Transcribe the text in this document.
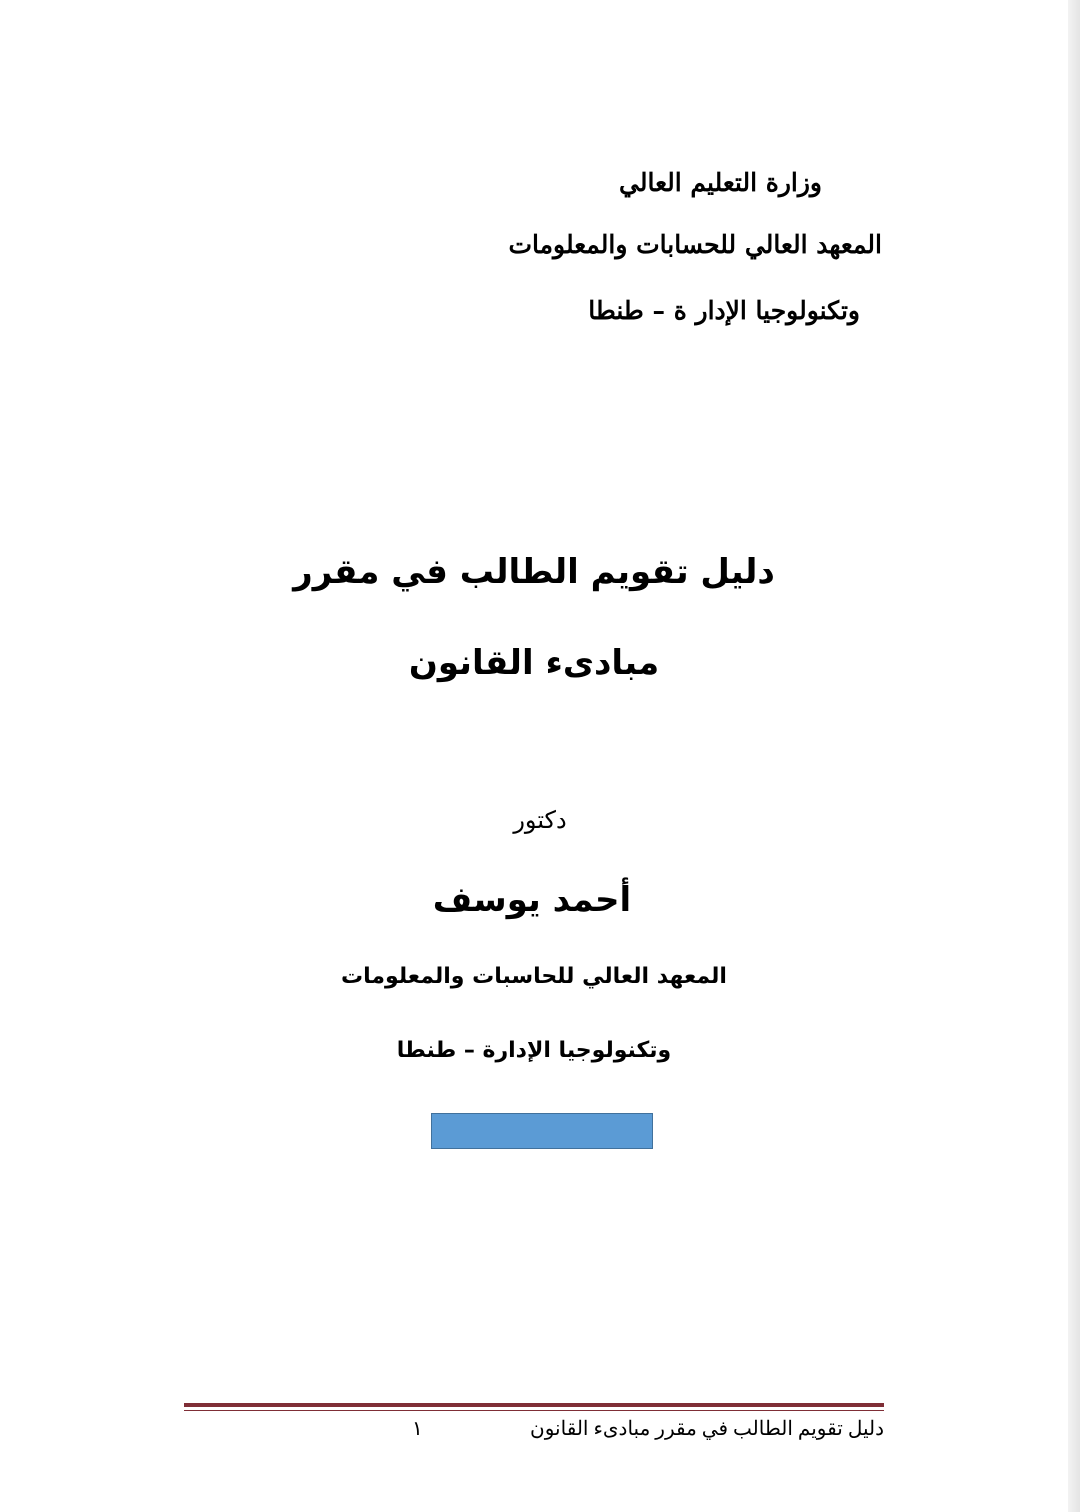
وزارة التعليم العالي
المعهد العالي للحسابات والمعلومات
وتكنولوجيا الإدار ة – طنطا
دليل تقويم الطالب في مقرر
مبادىء القانون
دكتور
أحمد يوسف
المعهد العالي للحاسبات والمعلومات
وتكنولوجيا الإدارة – طنطا
دليل تقويم الطالب في مقرر مبادىء القانون
١
